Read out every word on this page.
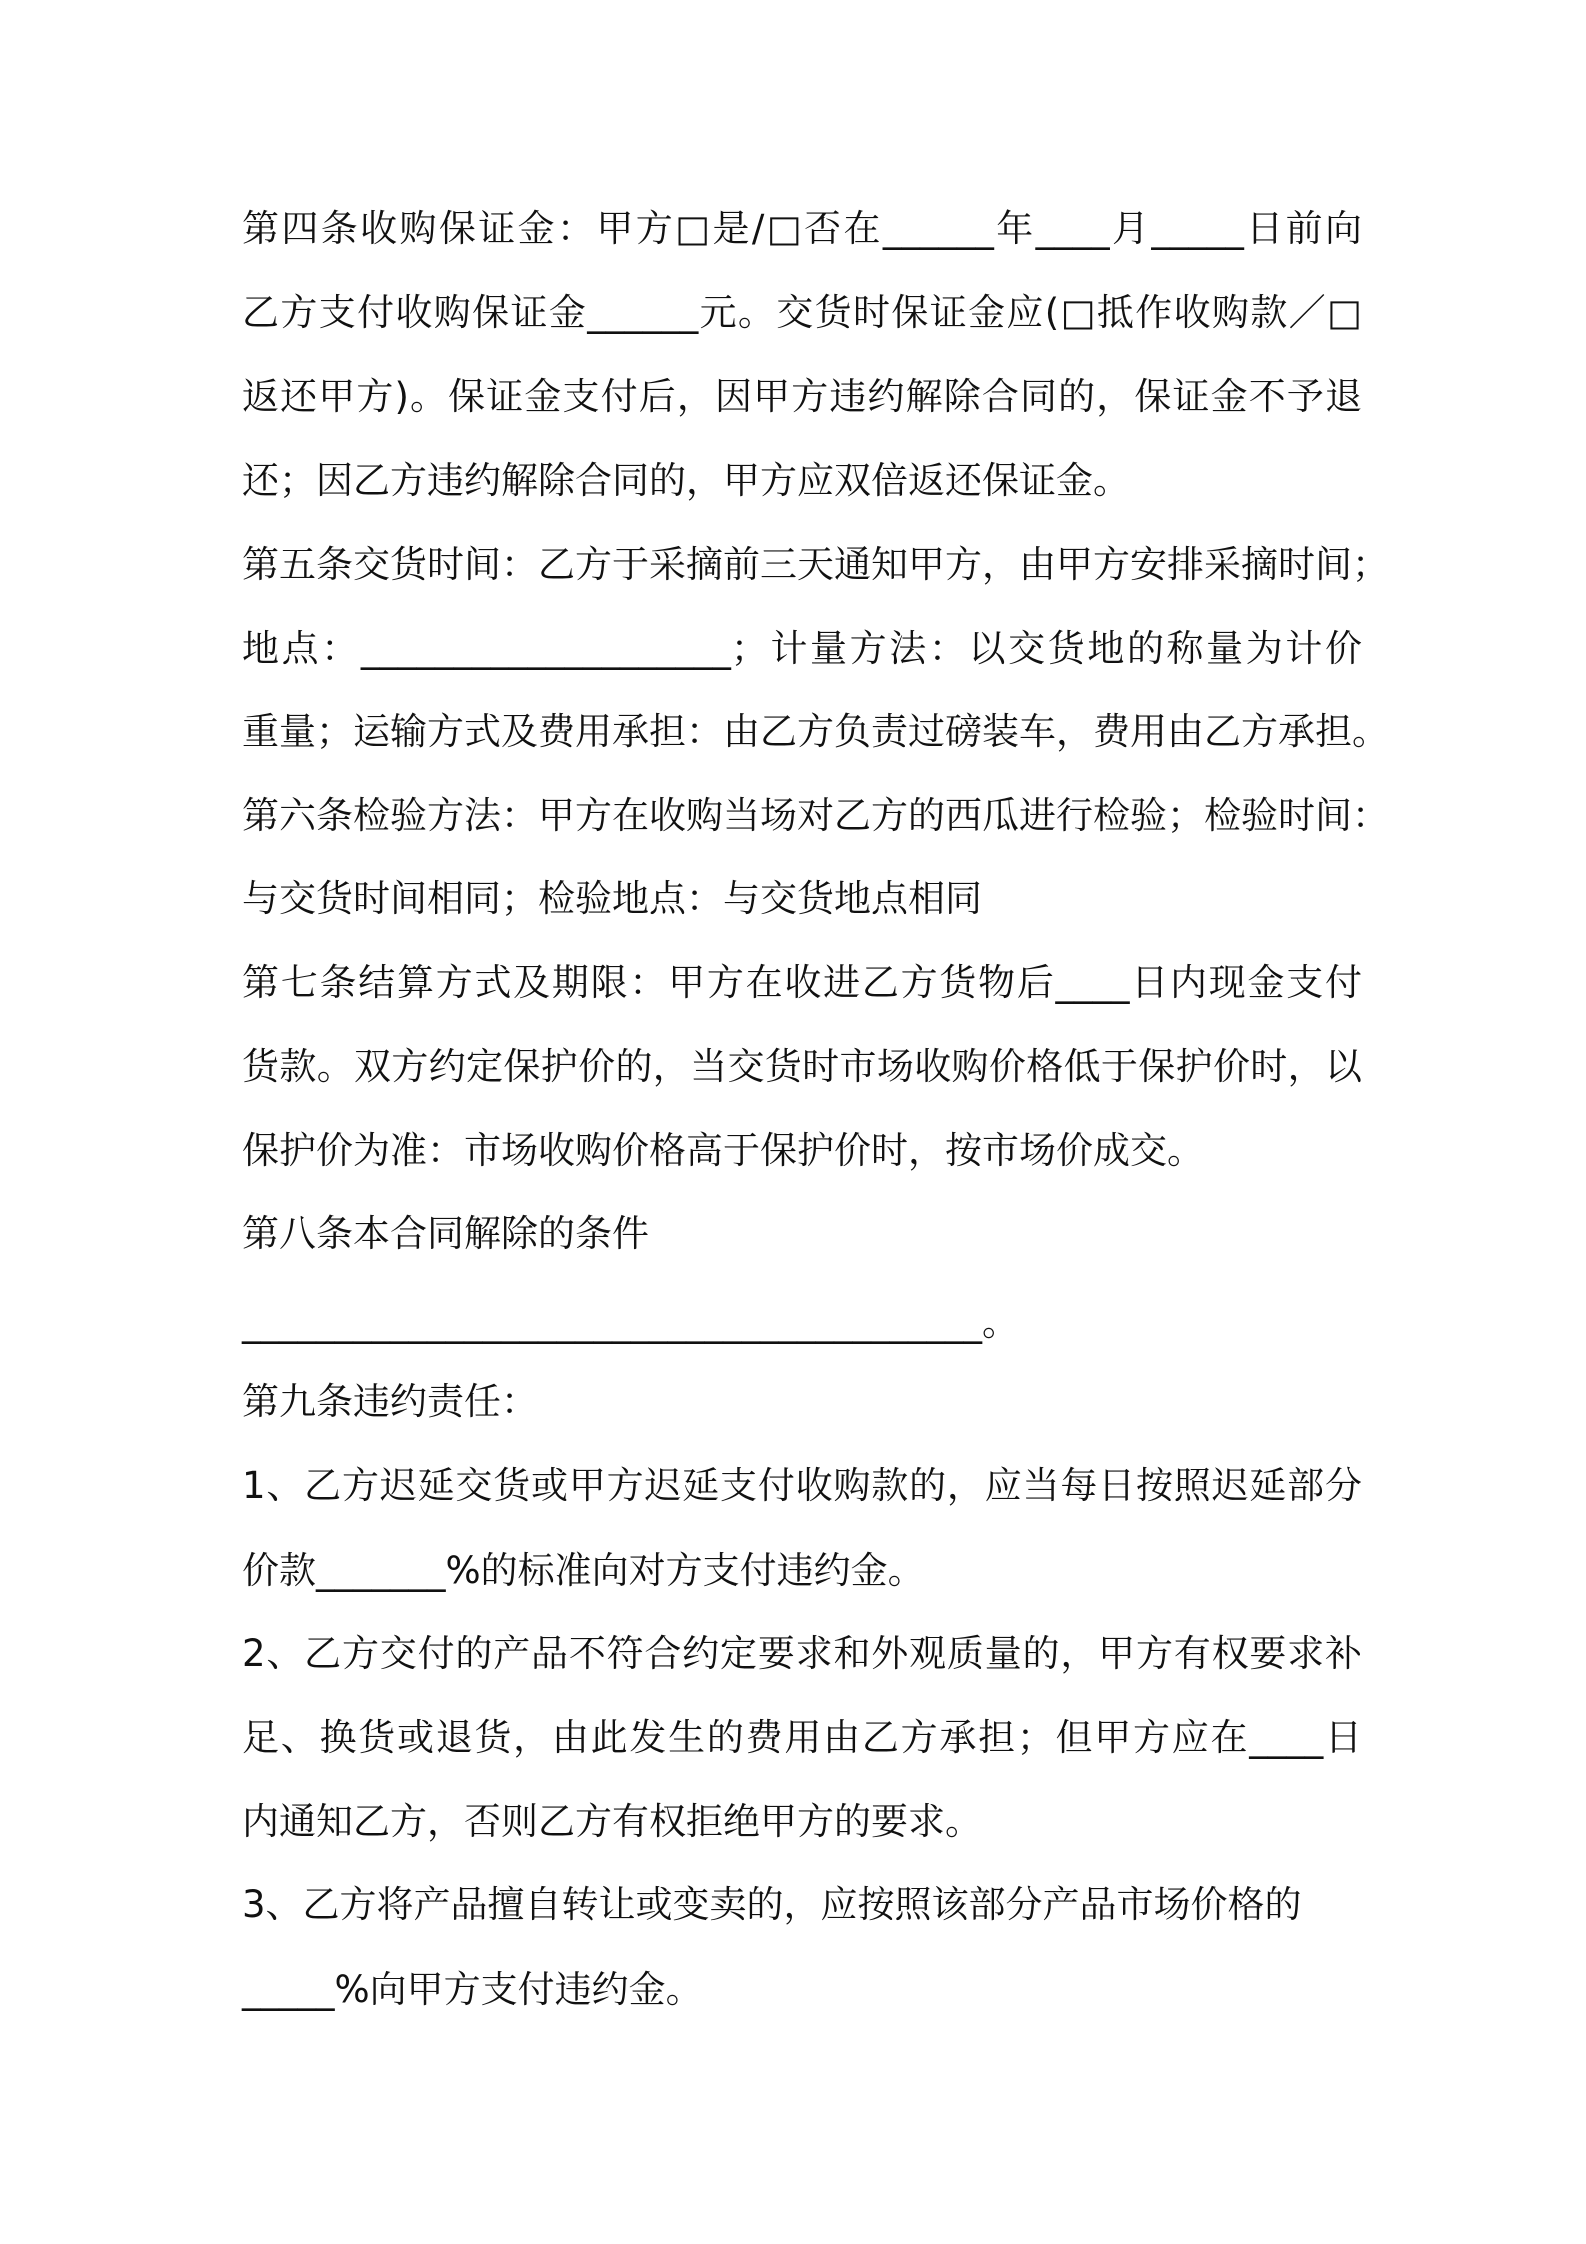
第四条收购保证金：甲方□是/□否在______年____月_____日前向
乙方支付收购保证金______元。交货时保证金应(□抵作收购款／□
返还甲方)。保证金支付后，因甲方违约解除合同的，保证金不予退
还；因乙方违约解除合同的，甲方应双倍返还保证金。
第五条交货时间：乙方于采摘前三天通知甲方，由甲方安排采摘时间；
地点：____________________；计量方法：以交货地的称量为计价
重量；运输方式及费用承担：由乙方负责过磅装车，费用由乙方承担。
第六条检验方法：甲方在收购当场对乙方的西瓜进行检验；检验时间：
与交货时间相同；检验地点：与交货地点相同
第七条结算方式及期限：甲方在收进乙方货物后____日内现金支付
货款。双方约定保护价的，当交货时市场收购价格低于保护价时，以
保护价为准：市场收购价格高于保护价时，按市场价成交。
第八条本合同解除的条件
________________________________________。
第九条违约责任：
1、乙方迟延交货或甲方迟延支付收购款的，应当每日按照迟延部分
价款_______%的标准向对方支付违约金。
2、乙方交付的产品不符合约定要求和外观质量的，甲方有权要求补
足、换货或退货，由此发生的费用由乙方承担；但甲方应在____日
内通知乙方，否则乙方有权拒绝甲方的要求。
3、乙方将产品擅自转让或变卖的，应按照该部分产品市场价格的
_____%向甲方支付违约金。
